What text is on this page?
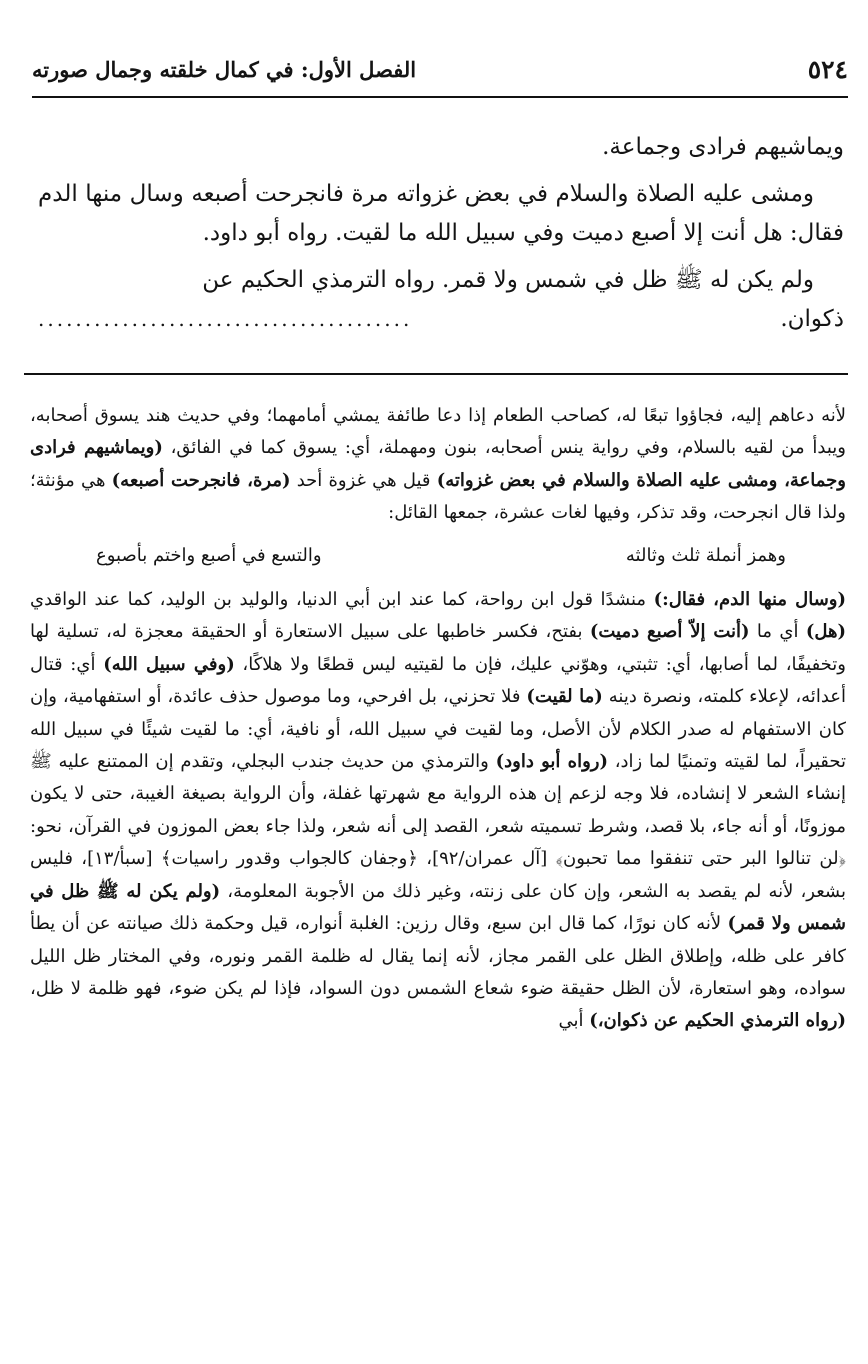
٥٢٤
الفصل الأول: في كمال خلقته وجمال صورته

ويماشيهم فرادى وجماعة.

ومشى عليه الصلاة والسلام في بعض غزواته مرة فانجرحت أصبعه وسال منها الدم فقال: هل أنت إلا أصبع دميت وفي سبيل الله ما لقيت. رواه أبو داود.

ولم يكن له ﷺ ظل في شمس ولا قمر. رواه الترمذي الحكيم عن

ذكوان.
........................................

لأنه دعاهم إليه، فجاؤوا تبعًا له، كصاحب الطعام إذا دعا طائفة يمشي أمامهما؛ وفي حديث هند يسوق أصحابه، ويبدأ من لقيه بالسلام، وفي رواية ينس أصحابه، بنون ومهملة، أي: يسوق كما في الفائق، (ويماشيهم فرادى وجماعة، ومشى عليه الصلاة والسلام في بعض غزواته) قيل هي غزوة أحد (مرة، فانجرحت أصبعه) هي مؤنثة؛ ولذا قال انجرحت، وقد تذكر، وفيها لغات عشرة، جمعها القائل:

وهمز أنملة ثلث وثالثه
والتسع في أصبع واختم بأصبوع

(وسال منها الدم، فقال:) منشدًا قول ابن رواحة، كما عند ابن أبي الدنيا، والوليد بن الوليد، كما عند الواقدي (هل) أي ما (أنت إلاّ أصبع دميت) بفتح، فكسر خاطبها على سبيل الاستعارة أو الحقيقة معجزة له، تسلية لها وتخفيفًا، لما أصابها، أي: تثبتي، وهوّني عليك، فإن ما لقيتيه ليس قطعًا ولا هلاكًا، (وفي سبيل الله) أي: قتال أعدائه، لإعلاء كلمته، ونصرة دينه (ما لقيت) فلا تحزني، بل افرحي، وما موصول حذف عائدة، أو استفهامية، وإن كان الاستفهام له صدر الكلام لأن الأصل، وما لقيت في سبيل الله، أو نافية، أي: ما لقيت شيئًا في سبيل الله تحقيراً، لما لقيته وتمنيًا لما زاد، (رواه أبو داود) والترمذي من حديث جندب البجلي، وتقدم إن الممتنع عليه ﷺ إنشاء الشعر لا إنشاده، فلا وجه لزعم إن هذه الرواية مع شهرتها غفلة، وأن الرواية بصيغة الغيبة، حتى لا يكون موزونًا، أو أنه جاء، بلا قصد، وشرط تسميته شعر، القصد إلى أنه شعر، ولذا جاء بعض الموزون في القرآن، نحو: ﴿لن تنالوا البر حتى تنفقوا مما تحبون﴾ [آل عمران/٩٢]، ﴿وجفان كالجواب وقدور راسيات﴾ [سبأ/١٣]، فليس بشعر، لأنه لم يقصد به الشعر، وإن كان على زنته، وغير ذلك من الأجوبة المعلومة، (ولم يكن له ﷺ ظل في شمس ولا قمر) لأنه كان نورًا، كما قال ابن سبع، وقال رزين: الغلبة أنواره، قيل وحكمة ذلك صيانته عن أن يطأ كافر على ظله، وإطلاق الظل على القمر مجاز، لأنه إنما يقال له ظلمة القمر ونوره، وفي المختار ظل الليل سواده، وهو استعارة، لأن الظل حقيقة ضوء شعاع الشمس دون السواد، فإذا لم يكن ضوء، فهو ظلمة لا ظل، (رواه الترمذي الحكيم عن ذكوان،) أبي
